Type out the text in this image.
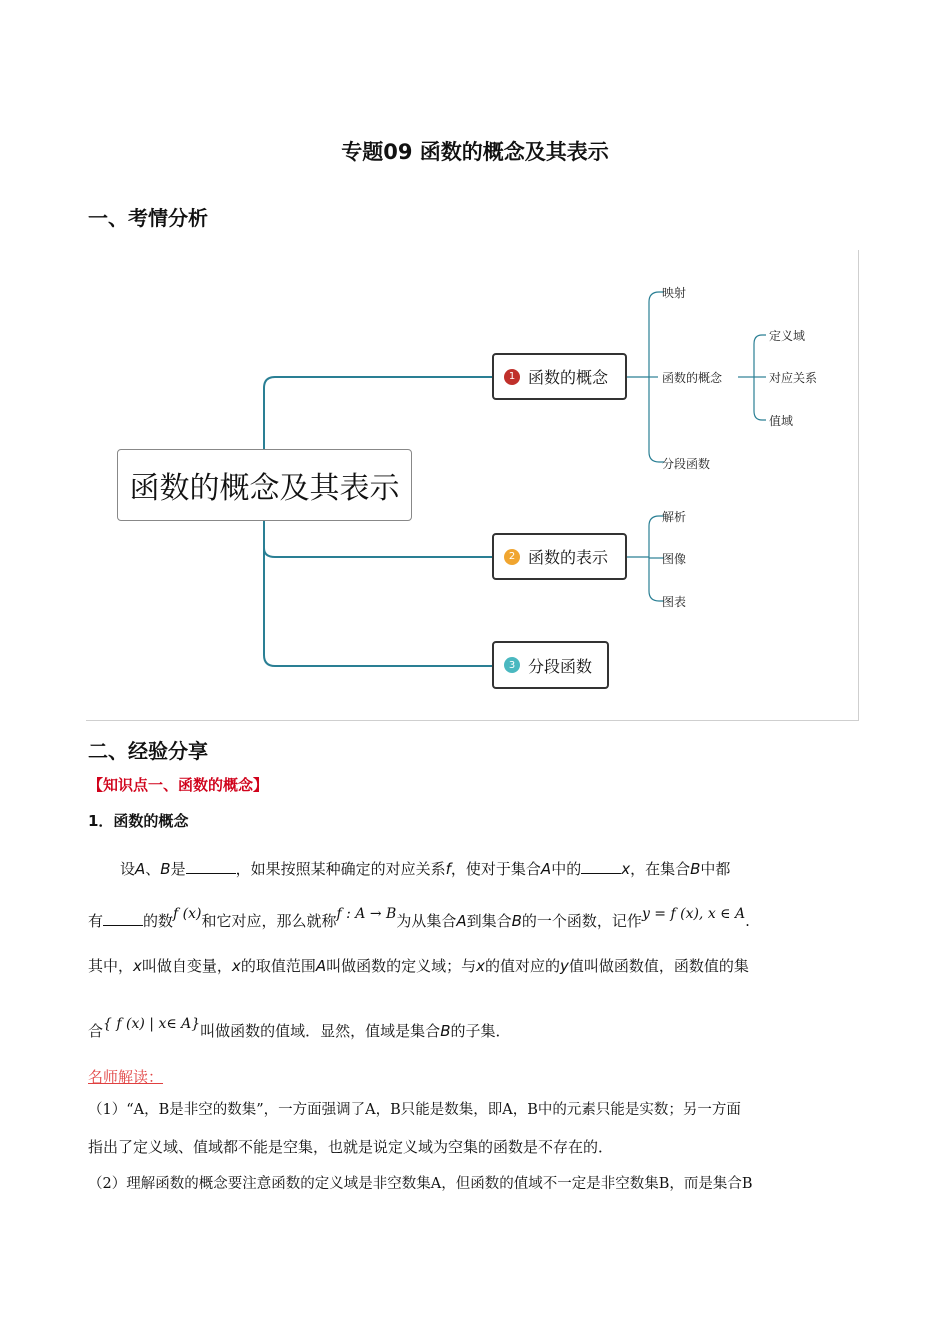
专题09 函数的概念及其表示
一、考情分析
函数的概念及其表示
1 函数的概念
2 函数的表示
3 分段函数
映射
函数的概念
分段函数
定义域
对应关系
值域
解析
图像
图表
二、经验分享
【知识点一、函数的概念】
1．函数的概念
设A、B是	，如果按照某种确定的对应关系f，使对于集合A中的	x，在集合B中都
有	的数f (x)和它对应，那么就称f : A → B为从集合A到集合B的一个函数，记作y = f (x), x ∈ A.
其中，x叫做自变量，x的取值范围A叫做函数的定义域；与x的值对应的y值叫做函数值，函数值的集
合{ f (x) | x∈ A}叫做函数的值域．显然，值域是集合B的子集．
名师解读：
（1）“A，B是非空的数集”，一方面强调了A，B只能是数集，即A，B中的元素只能是实数；另一方面
指出了定义域、值域都不能是空集，也就是说定义域为空集的函数是不存在的．
（2）理解函数的概念要注意函数的定义域是非空数集A，但函数的值域不一定是非空数集B，而是集合B
